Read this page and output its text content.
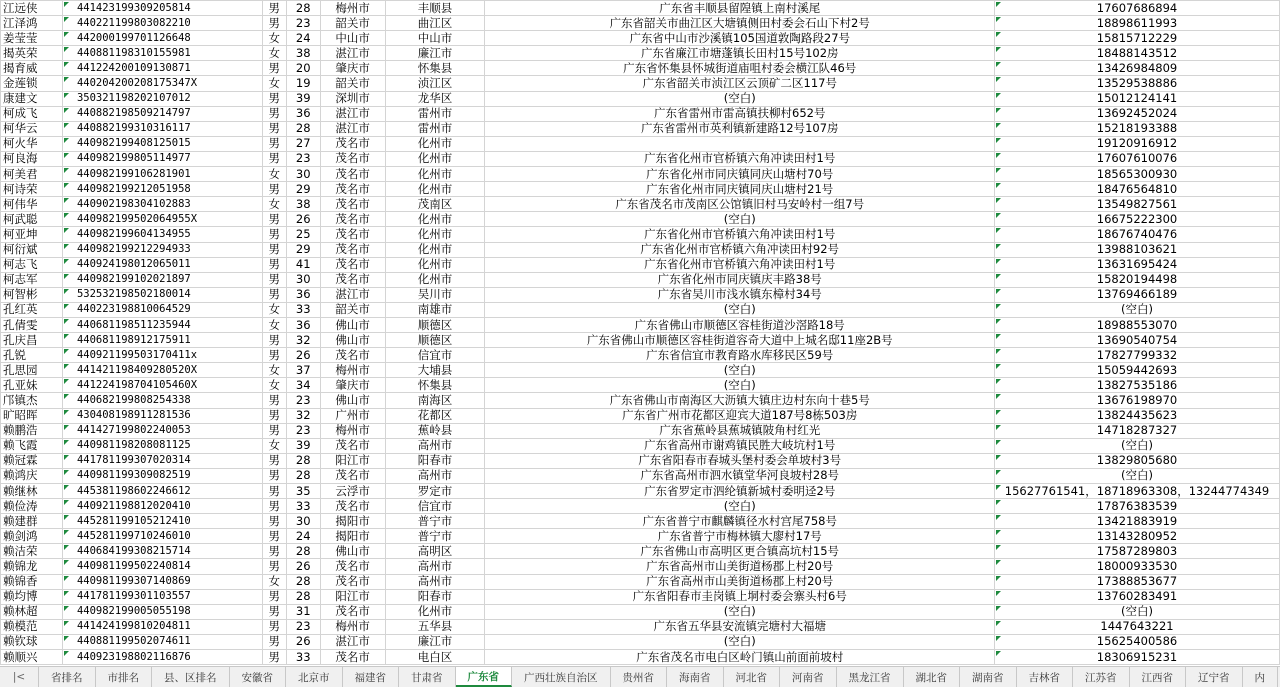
江远侠	441423199309205814	男	28	梅州市	丰顺县	广东省丰顺县留隍镇上南村溪尾	17607686894
江泽鸿	440221199803082210	男	23	韶关市	曲江区	广东省韶关市曲江区大塘镇侧田村委会石山下村2号	18898611993
姜莹莹	442000199701126648	女	24	中山市	中山市	广东省中山市沙溪镇105国道敦陶路段27号	15815712229
揭英荣	440881198310155981	女	38	湛江市	廉江市	广东省廉江市塘蓬镇长田村15号102房	18488143512
揭育威	441224200109130871	男	20	肇庆市	怀集县	广东省怀集县怀城街道庙咀村委会横江队46号	13426984809
金莲锁	440204200208175347X	女	19	韶关市	浈江区	广东省韶关市浈江区云顶矿二区117号	13529538886
康建文	350321198202107012	男	39	深圳市	龙华区	(空白)	15012124141
柯成飞	440882198509214797	男	36	湛江市	雷州市	广东省雷州市雷高镇扶柳村652号	13692452024
柯华云	440882199310316117	男	28	湛江市	雷州市	广东省雷州市英利镇新建路12号107房	15218193388
柯火华	440982199408125015	男	27	茂名市	化州市		19120916912
柯良海	440982199805114977	男	23	茂名市	化州市	广东省化州市官桥镇六角冲读田村1号	17607610076
柯美君	440982199106281901	女	30	茂名市	化州市	广东省化州市同庆镇同庆山塘村70号	18565300930
柯诗荣	440982199212051958	男	29	茂名市	化州市	广东省化州市同庆镇同庆山塘村21号	18476564810
柯伟华	440902198304102883	女	38	茂名市	茂南区	广东省茂名市茂南区公馆镇旧村马安岭村一组7号	13549827561
柯武聪	440982199502064955X	男	26	茂名市	化州市	(空白)	16675222300
柯亚坤	440982199604134955	男	25	茂名市	化州市	广东省化州市官桥镇六角冲读田村1号	18676740476
柯衍斌	440982199212294933	男	29	茂名市	化州市	广东省化州市官桥镇六角冲读田村92号	13988103621
柯志飞	440924198012065011	男	41	茂名市	化州市	广东省化州市官桥镇六角冲读田村1号	13631695424
柯志军	440982199102021897	男	30	茂名市	化州市	广东省化州市同庆镇庆丰路38号	15820194498
柯智彬	532532198502180014	男	36	湛江市	吴川市	广东省吴川市浅水镇东樟村34号	13769466189
孔红英	440223198810064529	女	33	韶关市	南雄市	(空白)	(空白)
孔倩雯	440681198511235944	女	36	佛山市	顺德区	广东省佛山市顺德区容桂街道沙滘路18号	18988553070
孔庆昌	440681198912175911	男	32	佛山市	顺德区	广东省佛山市顺德区容桂街道容奇大道中上城名邸11座2B号	13690540754
孔锐	440921199503170411x	男	26	茂名市	信宜市	广东省信宜市教育路水库移民区59号	17827799332
孔思园	441421198409280520X	女	37	梅州市	大埔县	(空白)	15059442693
孔亚妹	441224198704105460X	女	34	肇庆市	怀集县	(空白)	13827535186
邝镇杰	440682199808254338	男	23	佛山市	南海区	广东省佛山市南海区大沥镇大镇庄边村东向十巷5号	13676198970
旷昭晖	430408198911281536	男	32	广州市	花都区	广东省广州市花都区迎宾大道187号8栋503房	13824435623
赖鹏浩	441427199802240053	男	23	梅州市	蕉岭县	广东省蕉岭县蕉城镇陂角村红光	14718287327
赖飞霞	440981198208081125	女	39	茂名市	高州市	广东省高州市谢鸡镇民胜大岐坑村1号	(空白)
赖冠霖	441781199307020314	男	28	阳江市	阳春市	广东省阳春市春城头堡村委会单坡村3号	13829805680
赖鸿庆	440981199309082519	男	28	茂名市	高州市	广东省高州市泗水镇堂华河良坡村28号	(空白)
赖继林	445381198602246612	男	35	云浮市	罗定市	广东省罗定市泗纶镇新城村委明迳2号	15627761541，18718963308，13244774349
赖俭涛	440921198812020410	男	33	茂名市	信宜市	(空白)	17876383539
赖建群	445281199105212410	男	30	揭阳市	普宁市	广东省普宁市麒麟镇径水村宫尾758号	13421883919
赖剑鸿	445281199710246010	男	24	揭阳市	普宁市	广东省普宁市梅林镇大廖村17号	13143280952
赖洁荣	440684199308215714	男	28	佛山市	高明区	广东省佛山市高明区更合镇高坑村15号	17587289803
赖锦龙	440981199502240814	男	26	茂名市	高州市	广东省高州市山美街道杨郡上村20号	18000933530
赖锦香	440981199307140869	女	28	茂名市	高州市	广东省高州市山美街道杨郡上村20号	17388853677
赖均博	441781199301103557	男	28	阳江市	阳春市	广东省阳春市圭岗镇上垌村委会寨头村6号	13760283491
赖林超	440982199005055198	男	31	茂名市	化州市	(空白)	(空白)
赖模范	441424199810204811	男	23	梅州市	五华县	广东省五华县安流镇完塘村大福塘	1447643221
赖钦球	440881199502074611	男	26	湛江市	廉江市	(空白)	15625400586
赖顺兴	440923198802116876	男	33	茂名市	电白区	广东省茂名市电白区岭门镇山前面前坡村	18306915231
|<	省排名	市排名	县、区排名	安徽省	北京市	福建省	甘肃省	广东省	广西壮族自治区	贵州省	海南省	河北省	河南省	黑龙江省	湖北省	湖南省	吉林省	江苏省	江西省	辽宁省	内
